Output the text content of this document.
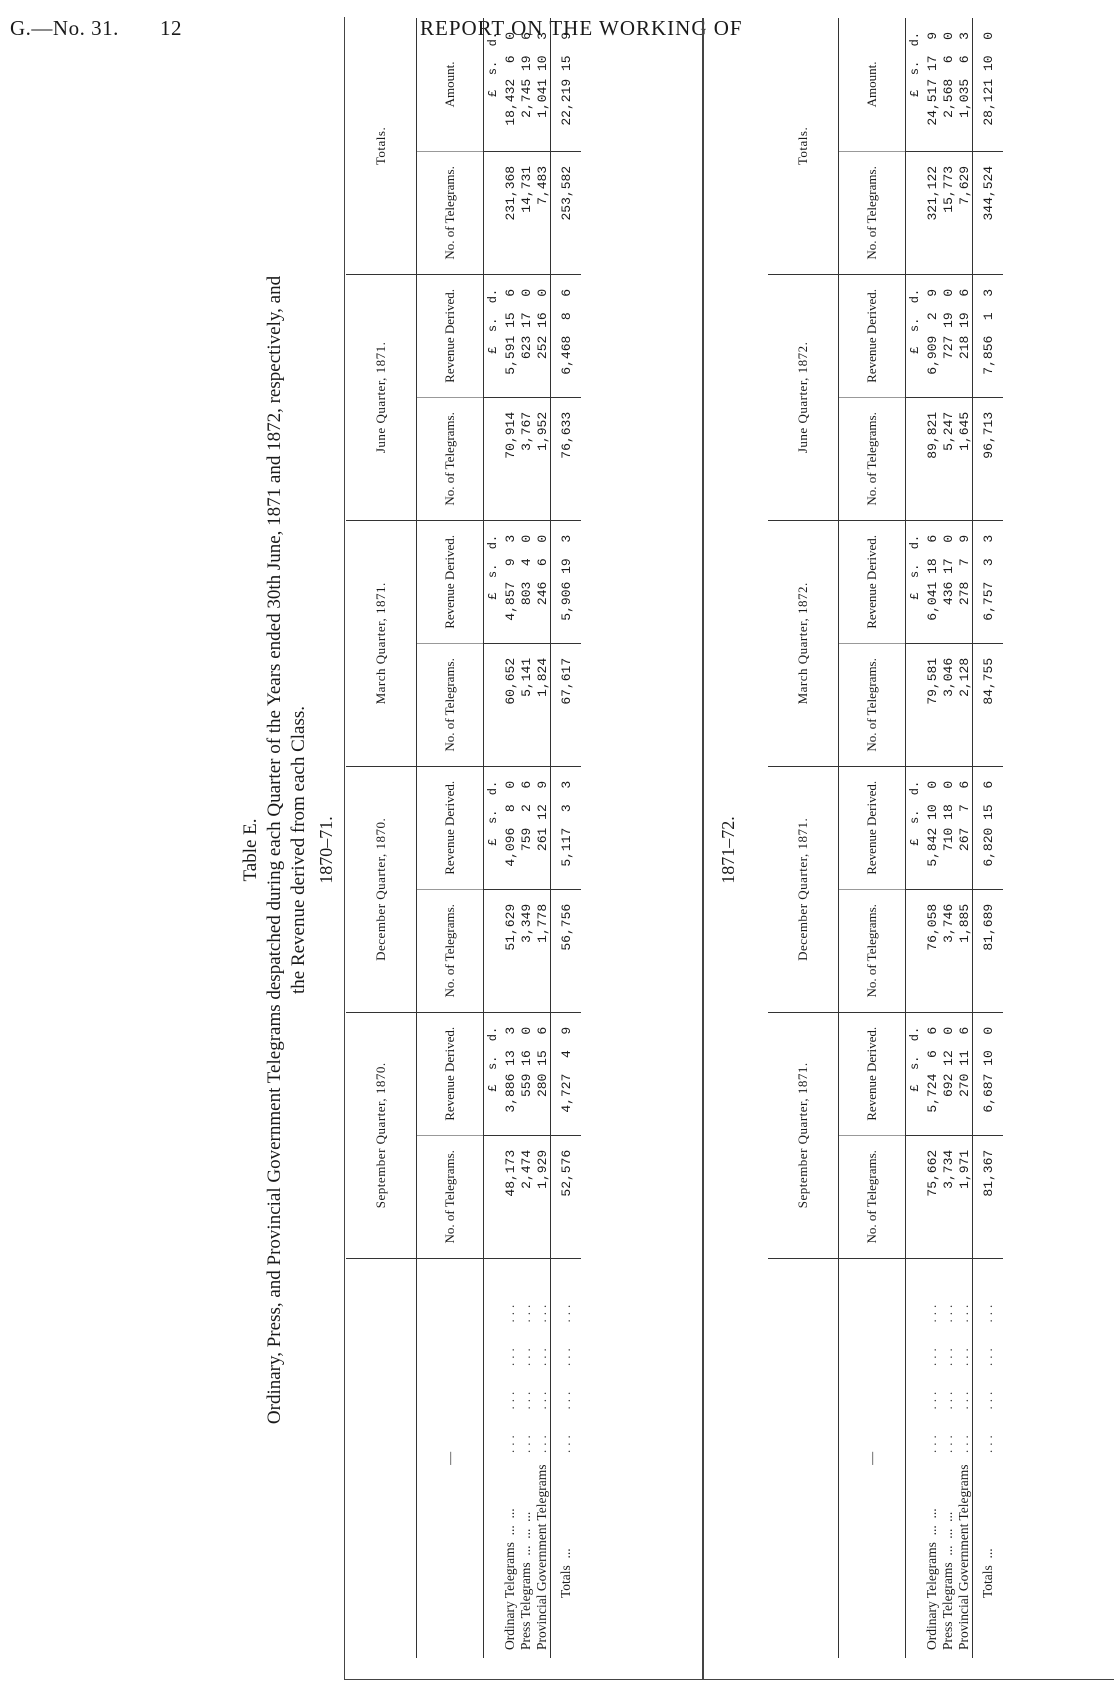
G.—No. 31. 12	REPORT ON THE WORKING OF
Table E. Ordinary, Press, and Provincial Government Telegrams despatched during each Quarter of the Years ended 30th June, 1871 and 1872, respectively, and the Revenue derived from each Class. 1870–71.
		September Quarter, 1870.		December Quarter, 1870.		March Quarter, 1871.		June Quarter, 1871.		Totals.	
—		No. of Telegrams.	Revenue Derived.	No. of Telegrams.	Revenue Derived.	No. of Telegrams.	Revenue Derived.	No. of Telegrams.	Revenue Derived.	No. of Telegrams.	Amount.
			£  s.  d.		£  s.  d.		£  s.  d.		£  s.  d.		£  s.  d.
Ordinary Telegrams  ...  ...	...   ...   ...   ...	48,173	3,886 13  3	51,629	4,096  8  0	60,652	4,857  9  3	70,914	5,591 15  6	231,368	18,432  6  0
Press Telegrams  ...  ...  ...	...   ...   ...   ...	2,474	559 16  0	3,349	759  2  6	5,141	803  4  0	3,767	623 17  0	14,731	2,745 19  6
Provincial Government Telegrams	...   ...   ...   ...	1,929	280 15  6	1,778	261 12  9	1,824	246  6  0	1,952	252 16  0	7,483	1,041 10  3
Totals  ...	...   ...   ...   ...	52,576	4,727  4  9	56,756	5,117  3  3	67,617	5,906 19  3	76,633	6,468  8  6	253,582	22,219 15  9
1871–72.
		September Quarter, 1871.		December Quarter, 1871.		March Quarter, 1872.		June Quarter, 1872.		Totals.	
—		No. of Telegrams.	Revenue Derived.	No. of Telegrams.	Revenue Derived.	No. of Telegrams.	Revenue Derived.	No. of Telegrams.	Revenue Derived.	No. of Telegrams.	Amount.
			£  s.  d.		£  s.  d.		£  s.  d.		£  s.  d.		£  s.  d.
Ordinary Telegrams  ...  ...	...   ...   ...   ...	75,662	5,724  6  6	76,058	5,842 10  0	79,581	6,041 18  6	89,821	6,909  2  9	321,122	24,517 17  9
Press Telegrams  ...  ...  ...	...   ...   ...   ...	3,734	692 12  0	3,746	710 18  0	3,046	436 17  0	5,247	727 19  0	15,773	2,568  6  0
Provincial Government Telegrams	...   ...   ...   ...	1,971	270 11  6	1,885	267  7  6	2,128	278  7  9	1,645	218 19  6	7,629	1,035  6  3
Totals  ...	...   ...   ...   ...	81,367	6,687 10  0	81,689	6,820 15  6	84,755	6,757  3  3	96,713	7,856  1  3	344,524	28,121 10  0
